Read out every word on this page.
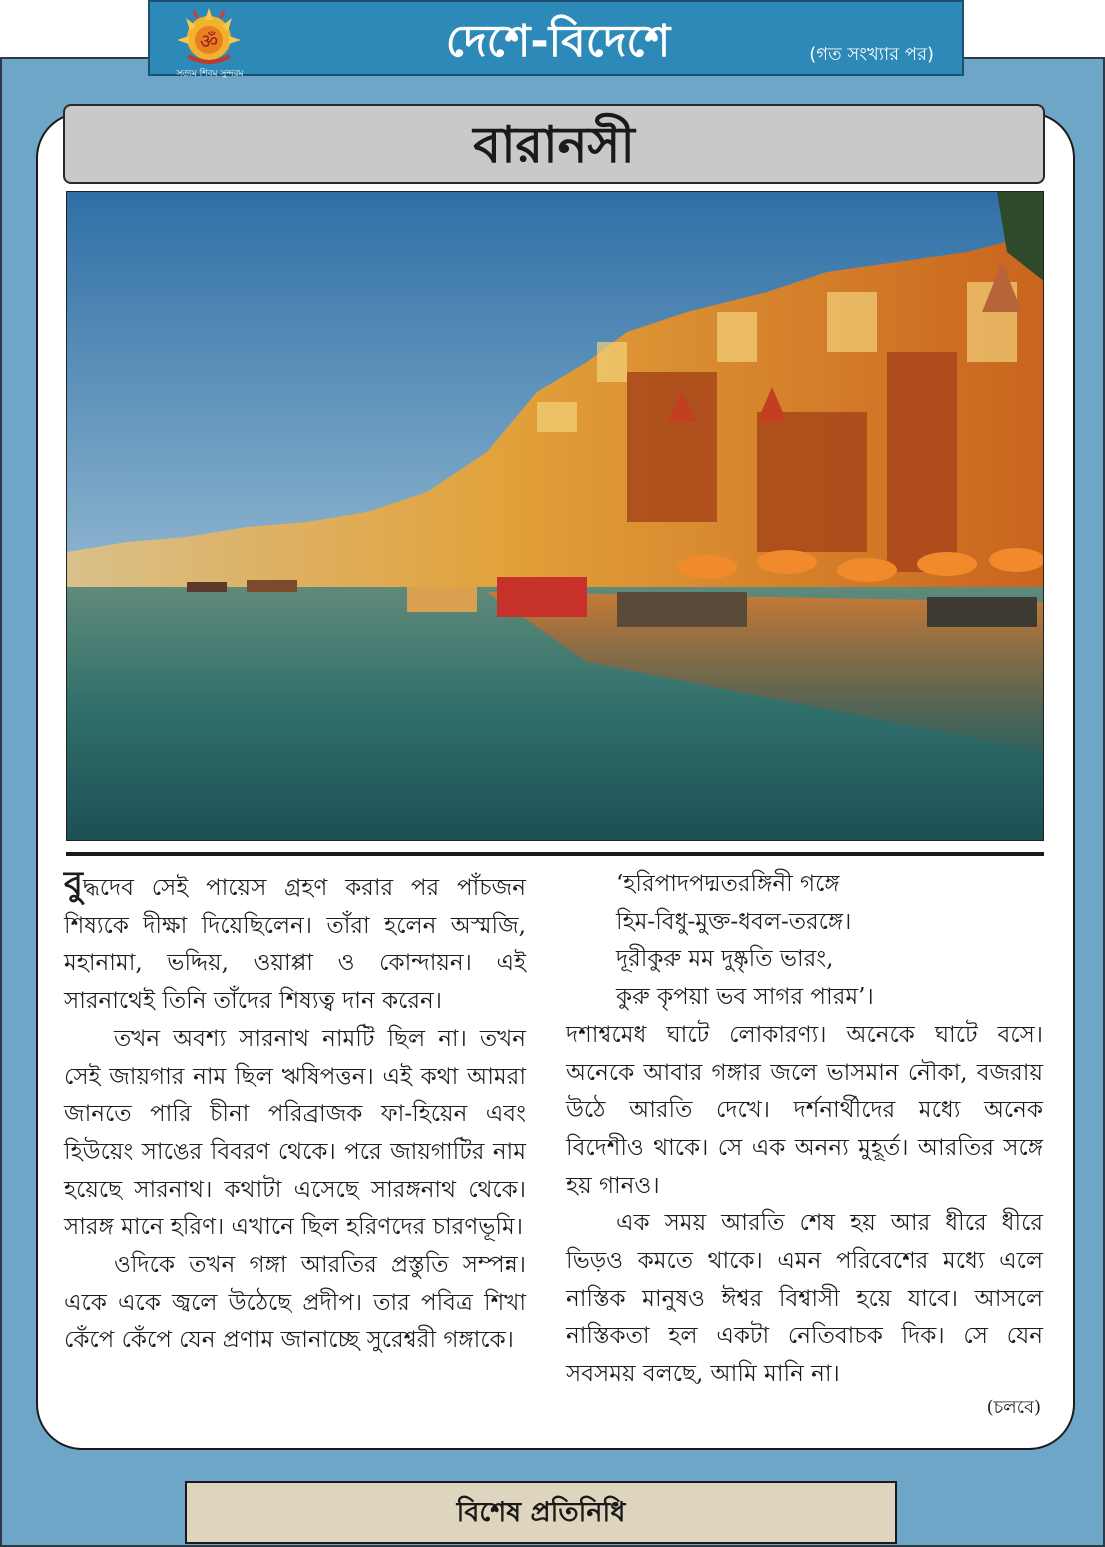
ॐ
সত্যম শিবম সুন্দরম
দেশে-বিদেশে	(গত সংখ্যার পর)
বারানসী

বুদ্ধদেব সেই পায়েস গ্রহণ করার পর পাঁচজন শিষ্যকে দীক্ষা দিয়েছিলেন। তাঁরা হলেন অস্মজি, মহানামা, ভদ্দিয়, ওয়াপ্পা ও কোন্দায়ন। এই সারনাথেই তিনি তাঁদের শিষ্যত্ব দান করেন।

তখন অবশ্য সারনাথ নামটি ছিল না। তখন সেই জায়গার নাম ছিল ঋষিপত্তন। এই কথা আমরা জানতে পারি চীনা পরিব্রাজক ফা-হিয়েন এবং হিউয়েং সাঙের বিবরণ থেকে। পরে জায়গাটির নাম হয়েছে সারনাথ। কথাটা এসেছে সারঙ্গনাথ থেকে। সারঙ্গ মানে হরিণ। এখানে ছিল হরিণদের চারণভূমি।

ওদিকে তখন গঙ্গা আরতির প্রস্তুতি সম্পন্ন। একে একে জ্বলে উঠেছে প্রদীপ। তার পবিত্র শিখা কেঁপে কেঁপে যেন প্রণাম জানাচ্ছে সুরেশ্বরী গঙ্গাকে।

‘হরিপাদপদ্মতরঙ্গিনী গঙ্গে
হিম-বিধু-মুক্ত-ধবল-তরঙ্গে।
দূরীকুরু মম দুষ্কৃতি ভারং,
কুরু কৃপয়া ভব সাগর পারম’।

দশাশ্বমেধ ঘাটে লোকারণ্য। অনেকে ঘাটে বসে। অনেকে আবার গঙ্গার জলে ভাসমান নৌকা, বজরায় উঠে আরতি দেখে। দর্শনার্থীদের মধ্যে অনেক বিদেশীও থাকে। সে এক অনন্য মুহূর্ত। আরতির সঙ্গে হয় গানও।

এক সময় আরতি শেষ হয় আর ধীরে ধীরে ভিড়ও কমতে থাকে। এমন পরিবেশের মধ্যে এলে নাস্তিক মানুষও ঈশ্বর বিশ্বাসী হয়ে যাবে। আসলে নাস্তিকতা হল একটা নেতিবাচক দিক। সে যেন সবসময় বলছে, আমি মানি না।

(চলবে)
বিশেষ প্রতিনিধি
